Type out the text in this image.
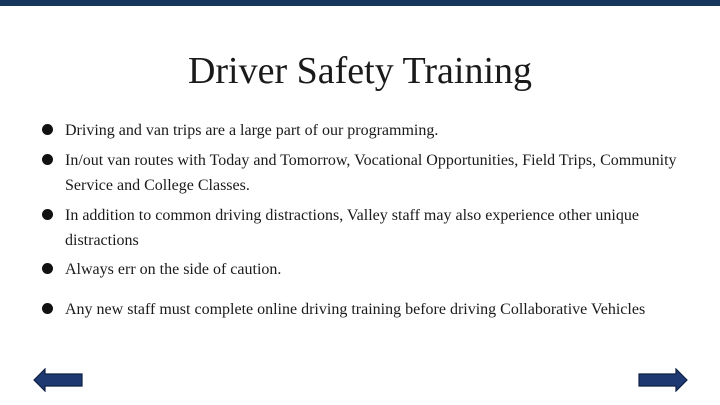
Driver Safety Training
Driving and van trips are a large part of our programming.
In/out van routes with Today and Tomorrow, Vocational Opportunities, Field Trips, Community Service and College Classes.
In addition to common driving distractions, Valley staff may also experience other unique distractions
Always err on the side of caution.
Any new staff must complete online driving training before driving Collaborative Vehicles
